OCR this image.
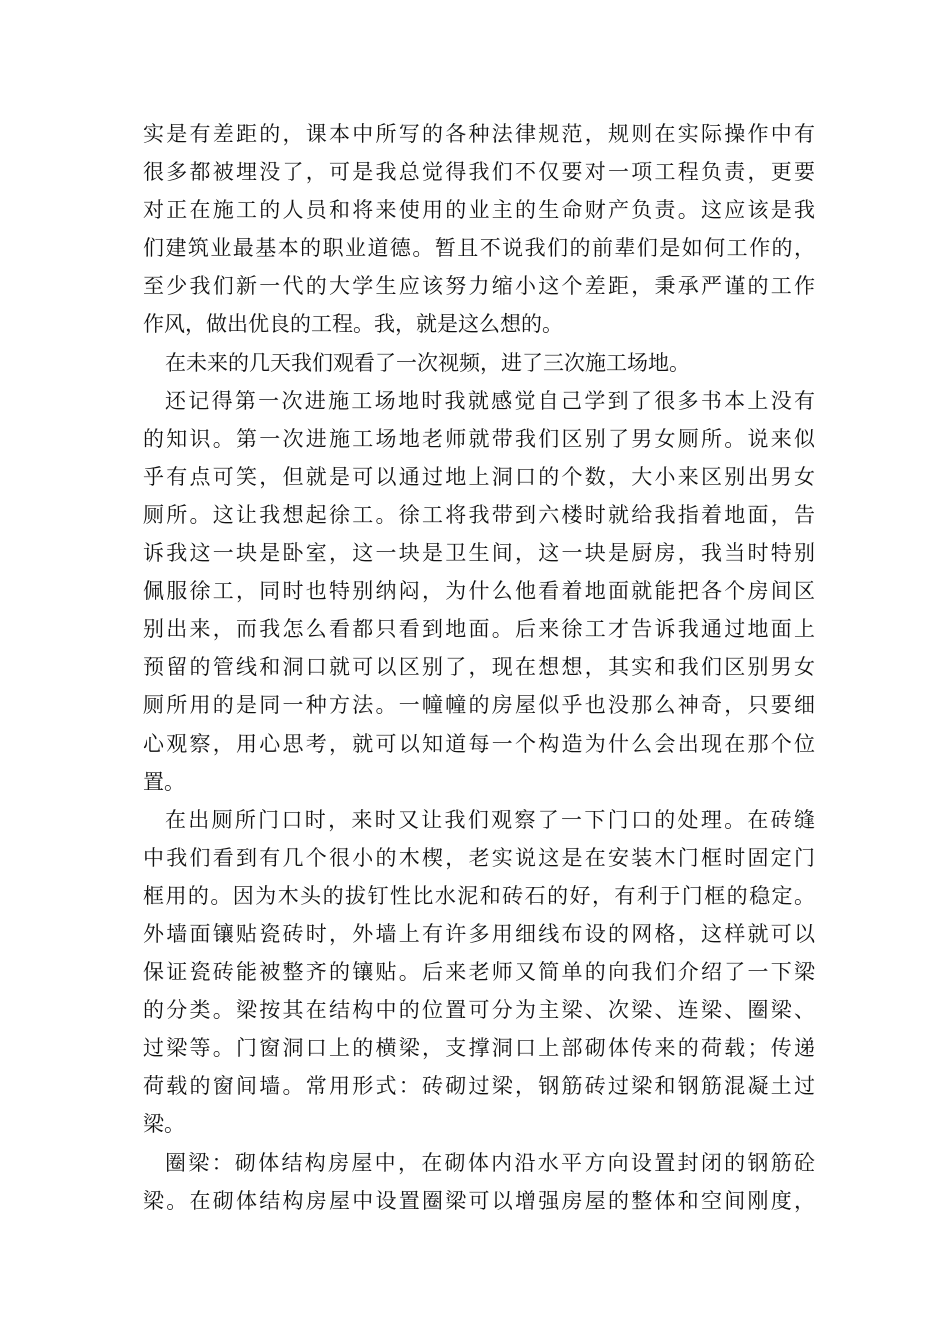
实是有差距的，课本中所写的各种法律规范，规则在实际操作中有
很多都被埋没了，可是我总觉得我们不仅要对一项工程负责，更要
对正在施工的人员和将来使用的业主的生命财产负责。这应该是我
们建筑业最基本的职业道德。暂且不说我们的前辈们是如何工作的，
至少我们新一代的大学生应该努力缩小这个差距，秉承严谨的工作
作风，做出优良的工程。我，就是这么想的。
在未来的几天我们观看了一次视频，进了三次施工场地。
还记得第一次进施工场地时我就感觉自己学到了很多书本上没有
的知识。第一次进施工场地老师就带我们区别了男女厕所。说来似
乎有点可笑，但就是可以通过地上洞口的个数，大小来区别出男女
厕所。这让我想起徐工。徐工将我带到六楼时就给我指着地面，告
诉我这一块是卧室，这一块是卫生间，这一块是厨房，我当时特别
佩服徐工，同时也特别纳闷，为什么他看着地面就能把各个房间区
别出来，而我怎么看都只看到地面。后来徐工才告诉我通过地面上
预留的管线和洞口就可以区别了，现在想想，其实和我们区别男女
厕所用的是同一种方法。一幢幢的房屋似乎也没那么神奇，只要细
心观察，用心思考，就可以知道每一个构造为什么会出现在那个位
置。
在出厕所门口时，来时又让我们观察了一下门口的处理。在砖缝
中我们看到有几个很小的木楔，老实说这是在安装木门框时固定门
框用的。因为木头的拔钉性比水泥和砖石的好，有利于门框的稳定。
外墙面镶贴瓷砖时，外墙上有许多用细线布设的网格，这样就可以
保证瓷砖能被整齐的镶贴。后来老师又简单的向我们介绍了一下梁
的分类。梁按其在结构中的位置可分为主梁、次梁、连梁、圈梁、
过梁等。门窗洞口上的横梁，支撑洞口上部砌体传来的荷载；传递
荷载的窗间墙。常用形式：砖砌过梁，钢筋砖过梁和钢筋混凝土过
梁。
圈梁：砌体结构房屋中，在砌体内沿水平方向设置封闭的钢筋砼
梁。在砌体结构房屋中设置圈梁可以增强房屋的整体和空间刚度，
